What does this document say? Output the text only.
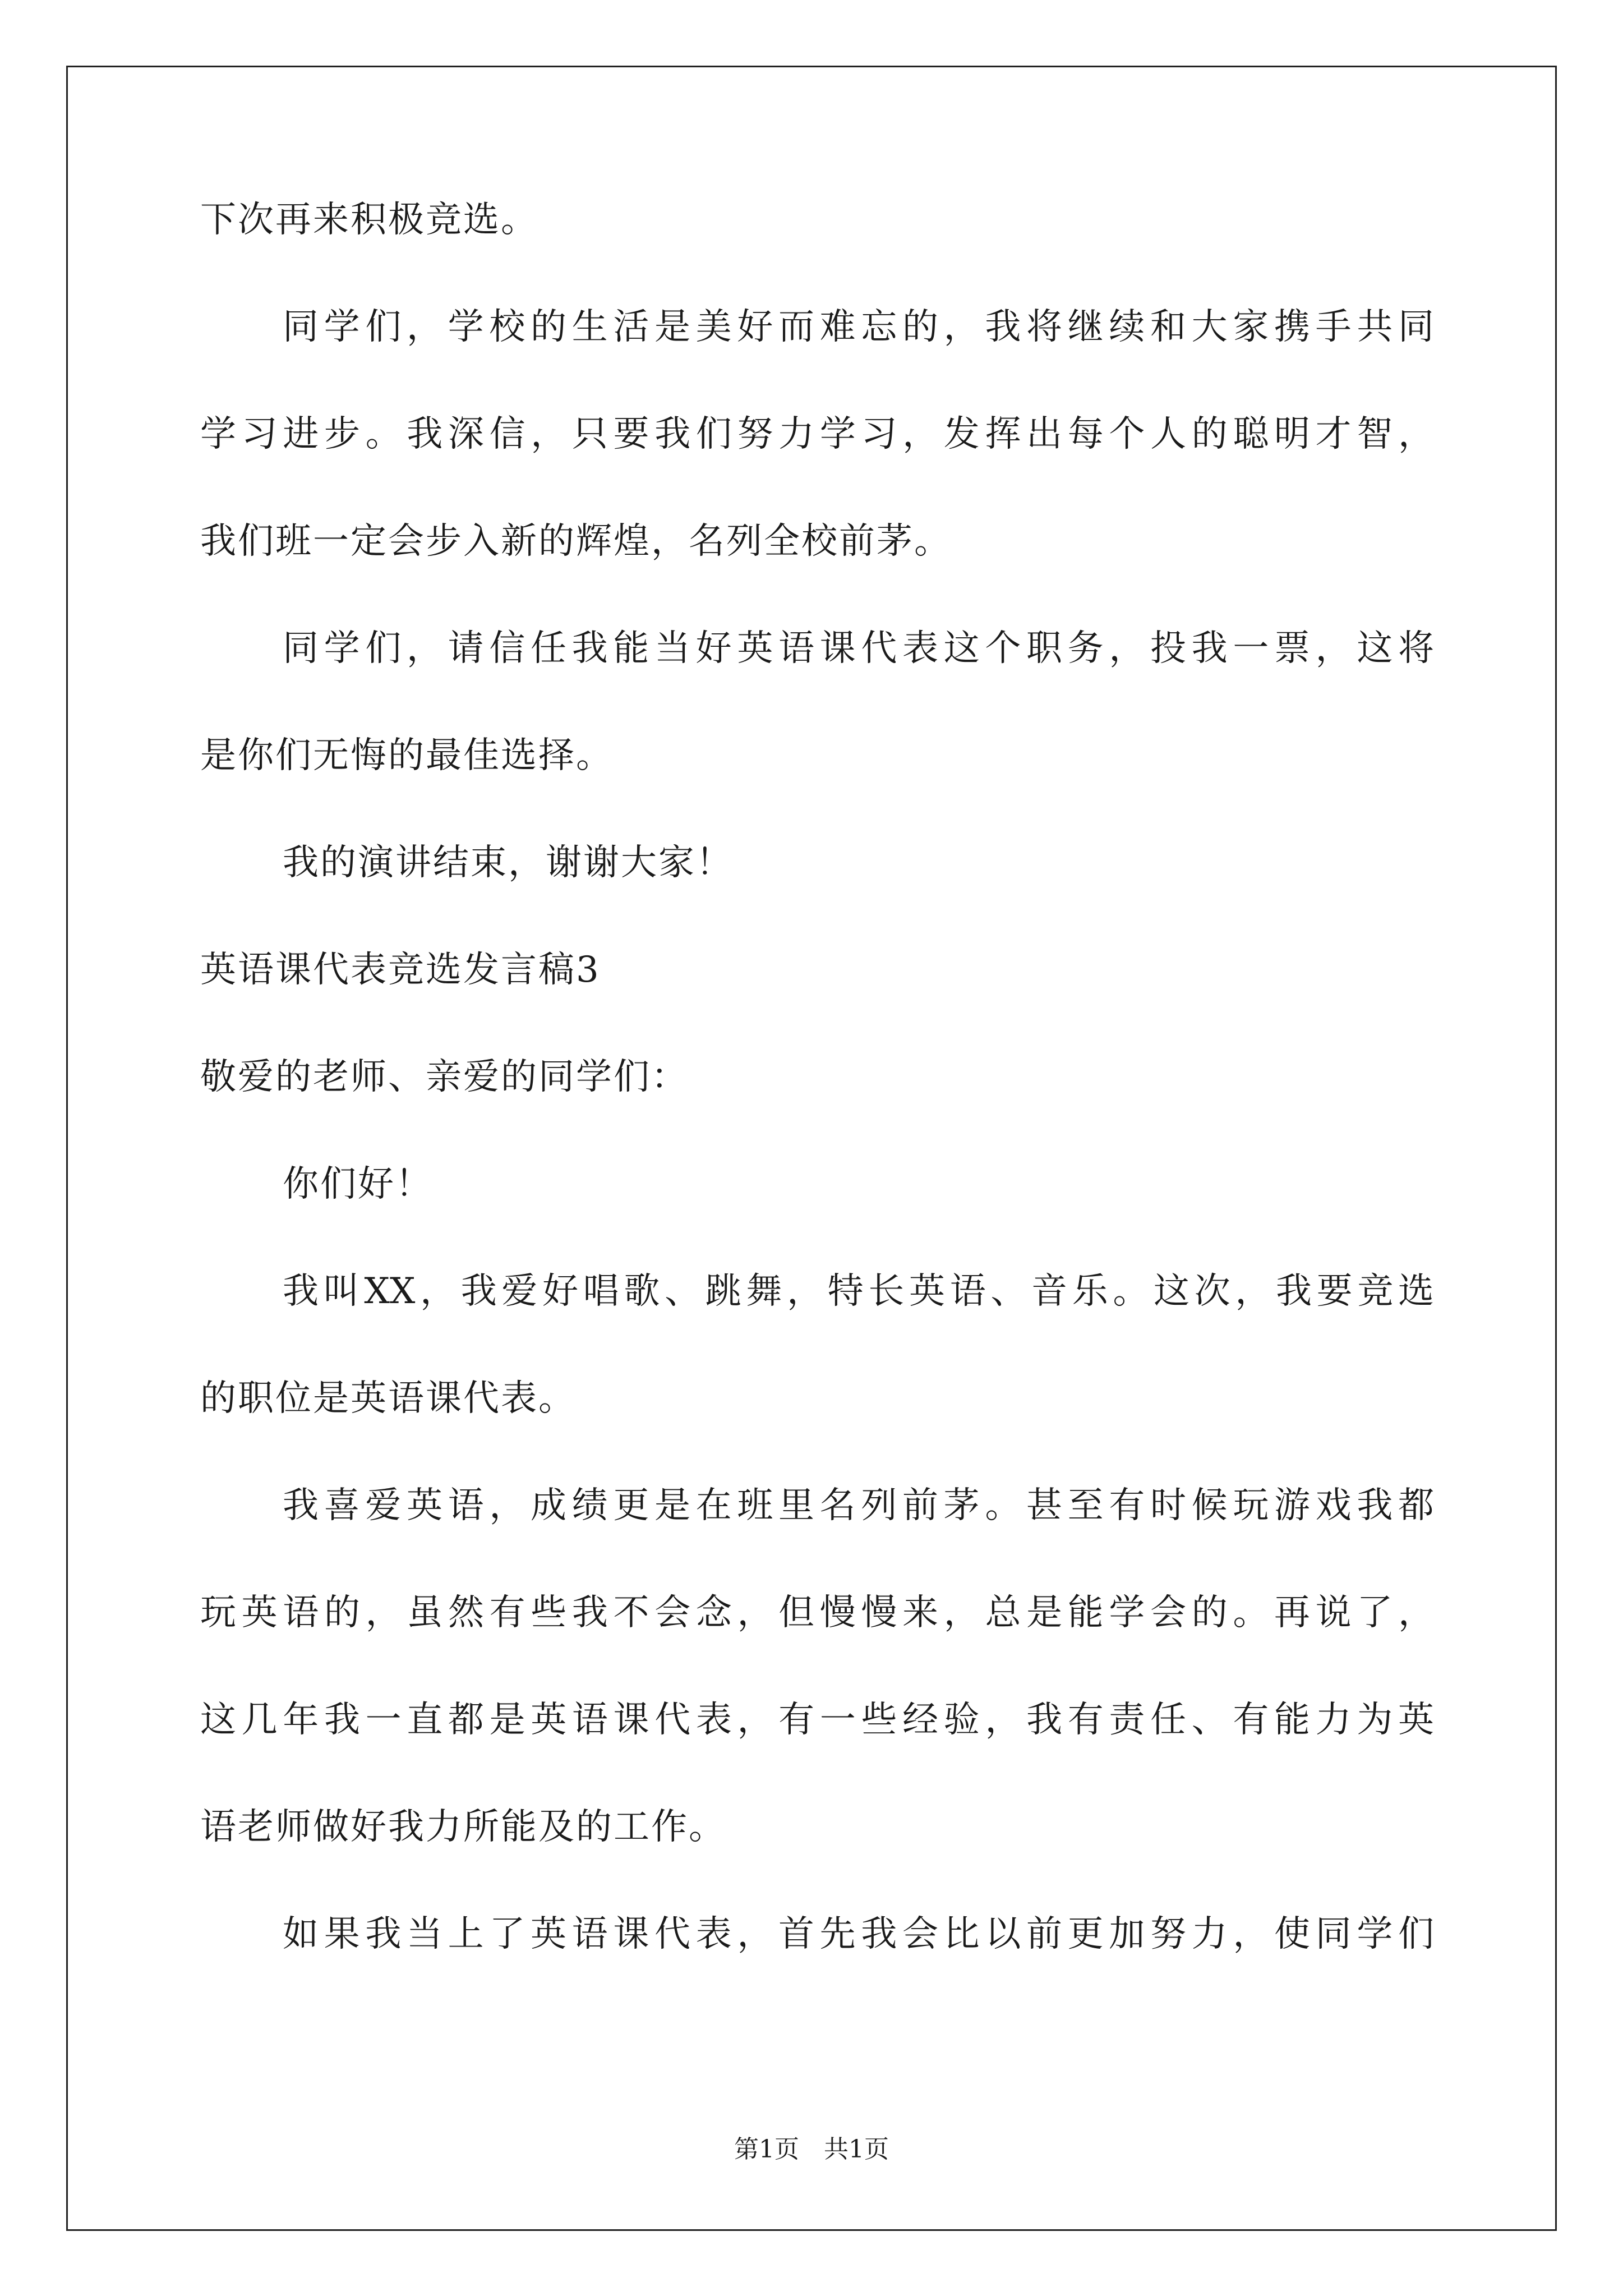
下次再来积极竞选。
同学们，学校的生活是美好而难忘的，我将继续和大家携手共同
学习进步。我深信，只要我们努力学习，发挥出每个人的聪明才智，
我们班一定会步入新的辉煌，名列全校前茅。
同学们，请信任我能当好英语课代表这个职务，投我一票，这将
是你们无悔的最佳选择。
我的演讲结束，谢谢大家！
英语课代表竞选发言稿3
敬爱的老师、亲爱的同学们：
你们好！
我叫XX，我爱好唱歌、跳舞，特长英语、音乐。这次，我要竞选
的职位是英语课代表。
我喜爱英语，成绩更是在班里名列前茅。甚至有时候玩游戏我都
玩英语的，虽然有些我不会念，但慢慢来，总是能学会的。再说了，
这几年我一直都是英语课代表，有一些经验，我有责任、有能力为英
语老师做好我力所能及的工作。
如果我当上了英语课代表，首先我会比以前更加努力，使同学们
第1页　共1页
